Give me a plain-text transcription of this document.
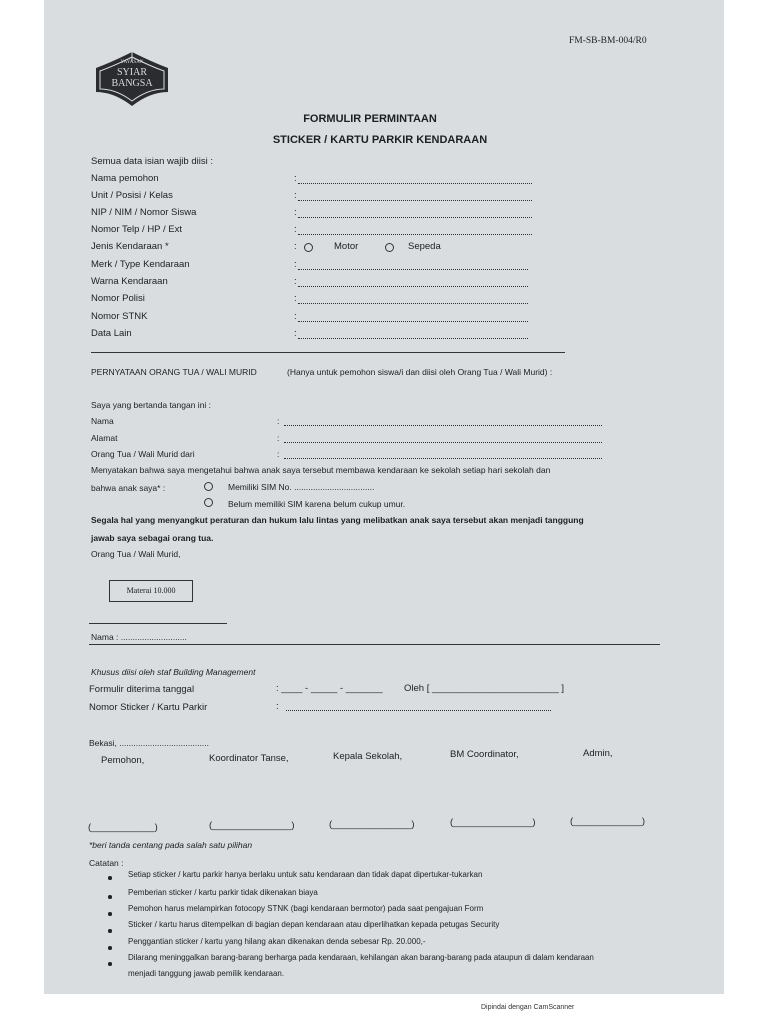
FM-SB-BM-004/R0
YAYASAN
SYIAR
BANGSA
FORMULIR PERMINTAAN
STICKER / KARTU PARKIR KENDARAAN
Semua data isian wajib diisi :
Nama pemohon	:
Unit / Posisi / Kelas	:
NIP / NIM / Nomor Siswa	:
Nomor Telp / HP / Ext	:
Jenis Kendaraan *	:	Motor	Sepeda
Merk / Type Kendaraan	:
Warna Kendaraan	:
Nomor Polisi	:
Nomor STNK	:
Data Lain	:
PERNYATAAN ORANG TUA / WALI MURID	(Hanya untuk pemohon siswa/i dan diisi oleh Orang Tua / Wali Murid) :
Saya yang bertanda tangan ini :
Nama	:
Alamat	:
Orang Tua / Wali Murid dari	:
Menyatakan bahwa saya mengetahui bahwa anak saya tersebut membawa kendaraan ke sekolah setiap hari sekolah dan
bahwa anak saya* :	Memiliki SIM No. ..................................
Belum memiliki SIM karena belum cukup umur.
Segala hal yang menyangkut peraturan dan hukum lalu lintas yang melibatkan anak saya tersebut akan menjadi tanggung
jawab saya sebagai orang tua.
Orang Tua / Wali Murid,
Materai 10.000
Nama : ............................
Khusus diisi oleh staf Building Management
Formulir diterima tanggal	: ____ - _____ - _______ Oleh [ ________________________ ]
Nomor Sticker / Kartu Parkir	:
Bekasi, ......................................
Pemohon,	Koordinator Tanse,	Kepala Sekolah,	BM Coordinator,	Admin,
(____________)	(_______________)	(_______________)	(_______________)	(_____________)
*beri tanda centang pada salah satu pilihan
Catatan :
Setiap sticker / kartu parkir hanya berlaku untuk satu kendaraan dan tidak dapat dipertukar-tukarkan
Pemberian sticker / kartu parkir tidak dikenakan biaya
Pemohon harus melampirkan fotocopy STNK (bagi kendaraan bermotor) pada saat pengajuan Form
Sticker / kartu harus ditempelkan di bagian depan kendaraan atau diperlihatkan kepada petugas Security
Penggantian sticker / kartu yang hilang akan dikenakan denda sebesar Rp. 20.000,-
Dilarang meninggalkan barang-barang berharga pada kendaraan, kehilangan akan barang-barang pada ataupun di dalam kendaraan
menjadi tanggung jawab pemilik kendaraan.
Dipindai dengan CamScanner
